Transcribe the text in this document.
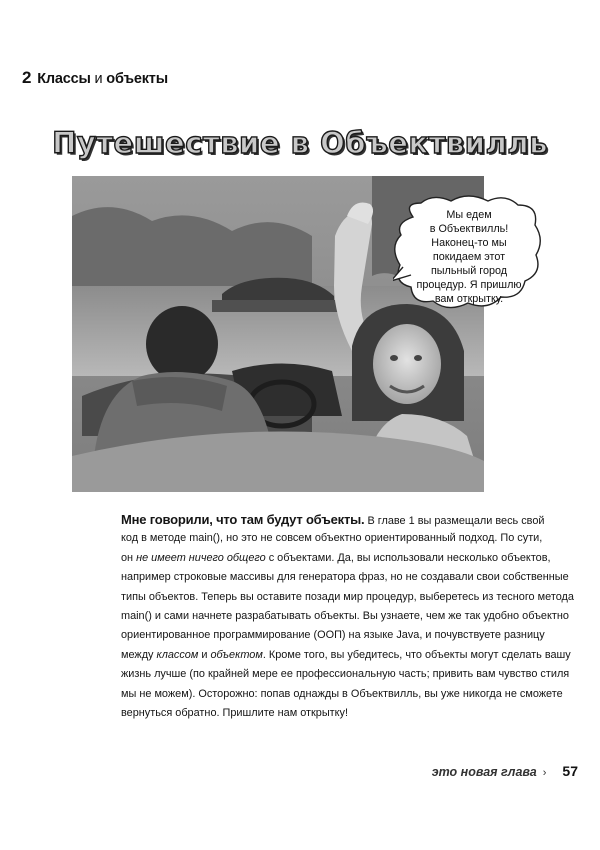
2 Классы и объекты
Путешествие в Объектвилль
Мы едем
в Объектвилль!
Наконец-то мы
покидаем этот
пыльный город
процедур. Я пришлю
вам открытку.
Мне говорили, что там будут объекты. В главе 1 вы размещали весь свой
код в методе main(), но это не совсем объектно ориентированный подход. По сути,
он не имеет ничего общего с объектами. Да, вы использовали несколько объектов,
например строковые массивы для генератора фраз, но не создавали свои собственные
типы объектов. Теперь вы оставите позади мир процедур, выберетесь из тесного метода
main() и сами начнете разрабатывать объекты. Вы узнаете, чем же так удобно объектно
ориентированное программирование (ООП) на языке Java, и почувствуете разницу
между классом и объектом. Кроме того, вы убедитесь, что объекты могут сделать вашу
жизнь лучше (по крайней мере ее профессиональную часть; привить вам чувство стиля
мы не можем). Осторожно: попав однажды в Объектвилль, вы уже никогда не сможете
вернуться обратно. Пришлите нам открытку!
это новая глава › 57
